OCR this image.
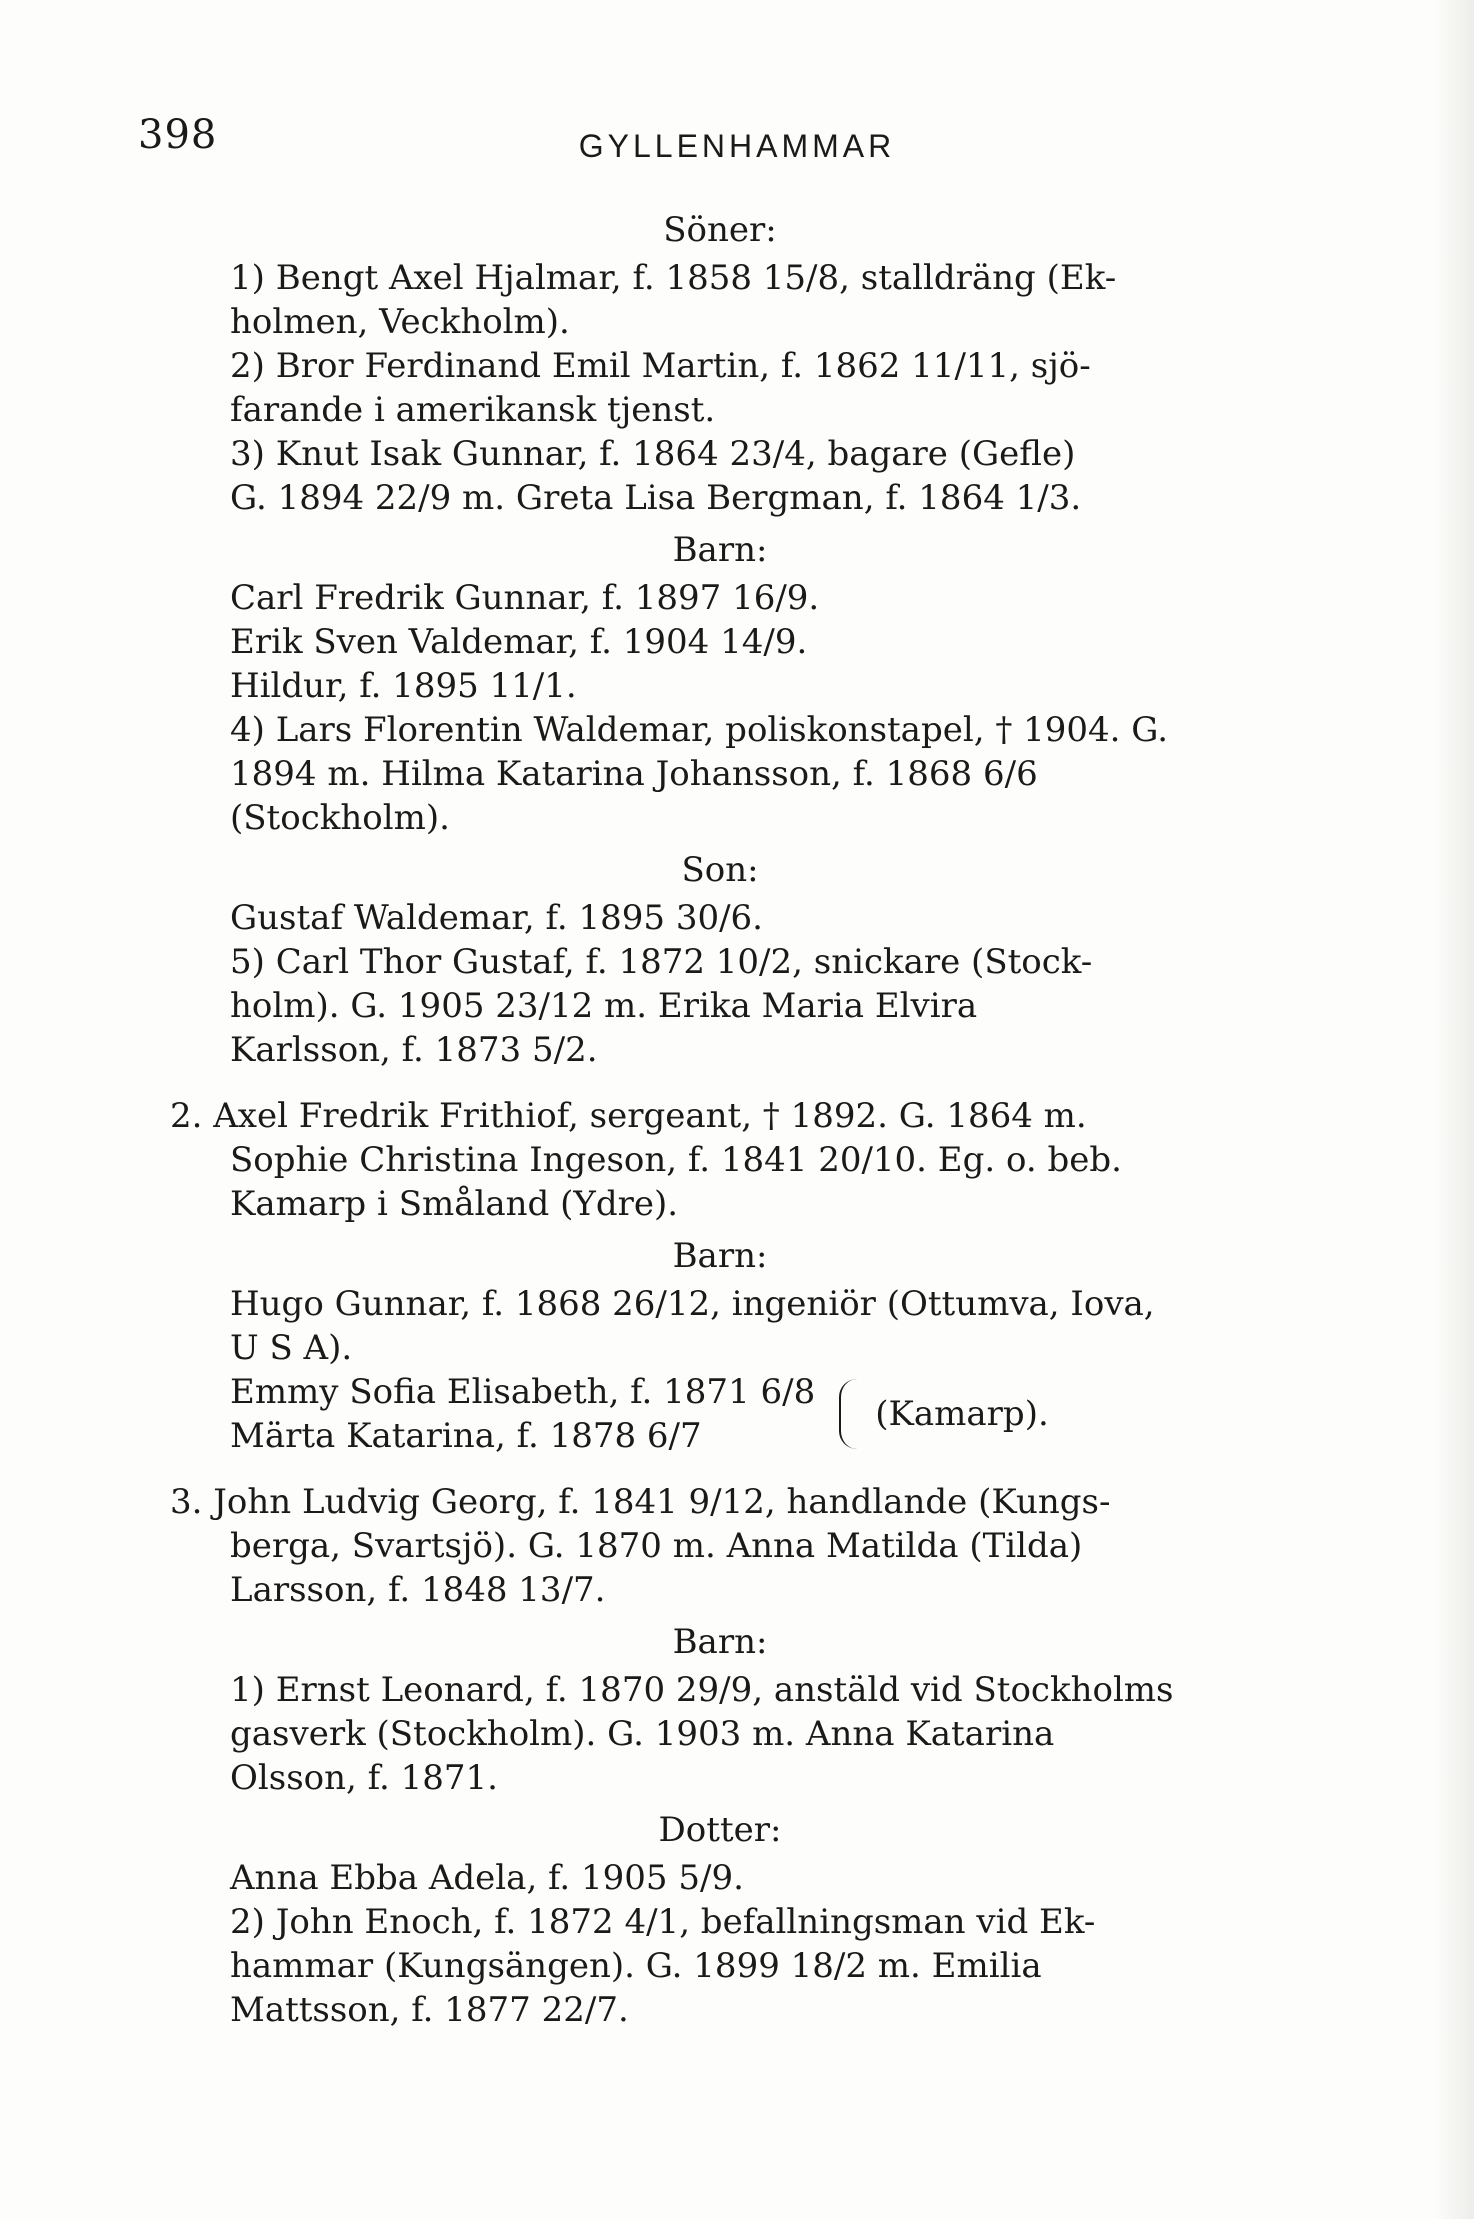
398	GYLLENHAMMAR
Söner:
1) Bengt Axel Hjalmar, f. 1858 15/8, stalldräng (Ek-
holmen, Veckholm).
2) Bror Ferdinand Emil Martin, f. 1862 11/11, sjö-
farande i amerikansk tjenst.
3) Knut Isak Gunnar, f. 1864 23/4, bagare (Gefle)
G. 1894 22/9 m. Greta Lisa Bergman, f. 1864 1/3.
Barn:
Carl Fredrik Gunnar, f. 1897 16/9.
Erik Sven Valdemar, f. 1904 14/9.
Hildur, f. 1895 11/1.
4) Lars Florentin Waldemar, poliskonstapel, † 1904. G.
1894 m. Hilma Katarina Johansson, f. 1868 6/6
(Stockholm).
Son:
Gustaf Waldemar, f. 1895 30/6.
5) Carl Thor Gustaf, f. 1872 10/2, snickare (Stock-
holm). G. 1905 23/12 m. Erika Maria Elvira
Karlsson, f. 1873 5/2.
2. Axel Fredrik Frithiof, sergeant, † 1892. G. 1864 m.
Sophie Christina Ingeson, f. 1841 20/10. Eg. o. beb.
Kamarp i Småland (Ydre).
Barn:
Hugo Gunnar, f. 1868 26/12, ingeniör (Ottumva, Iova,
U S A).
Emmy Sofia Elisabeth, f. 1871 6/8
Märta Katarina, f. 1878 6/7
(Kamarp).
3. John Ludvig Georg, f. 1841 9/12, handlande (Kungs-
berga, Svartsjö). G. 1870 m. Anna Matilda (Tilda)
Larsson, f. 1848 13/7.
Barn:
1) Ernst Leonard, f. 1870 29/9, anstäld vid Stockholms
gasverk (Stockholm). G. 1903 m. Anna Katarina
Olsson, f. 1871.
Dotter:
Anna Ebba Adela, f. 1905 5/9.
2) John Enoch, f. 1872 4/1, befallningsman vid Ek-
hammar (Kungsängen). G. 1899 18/2 m. Emilia
Mattsson, f. 1877 22/7.
